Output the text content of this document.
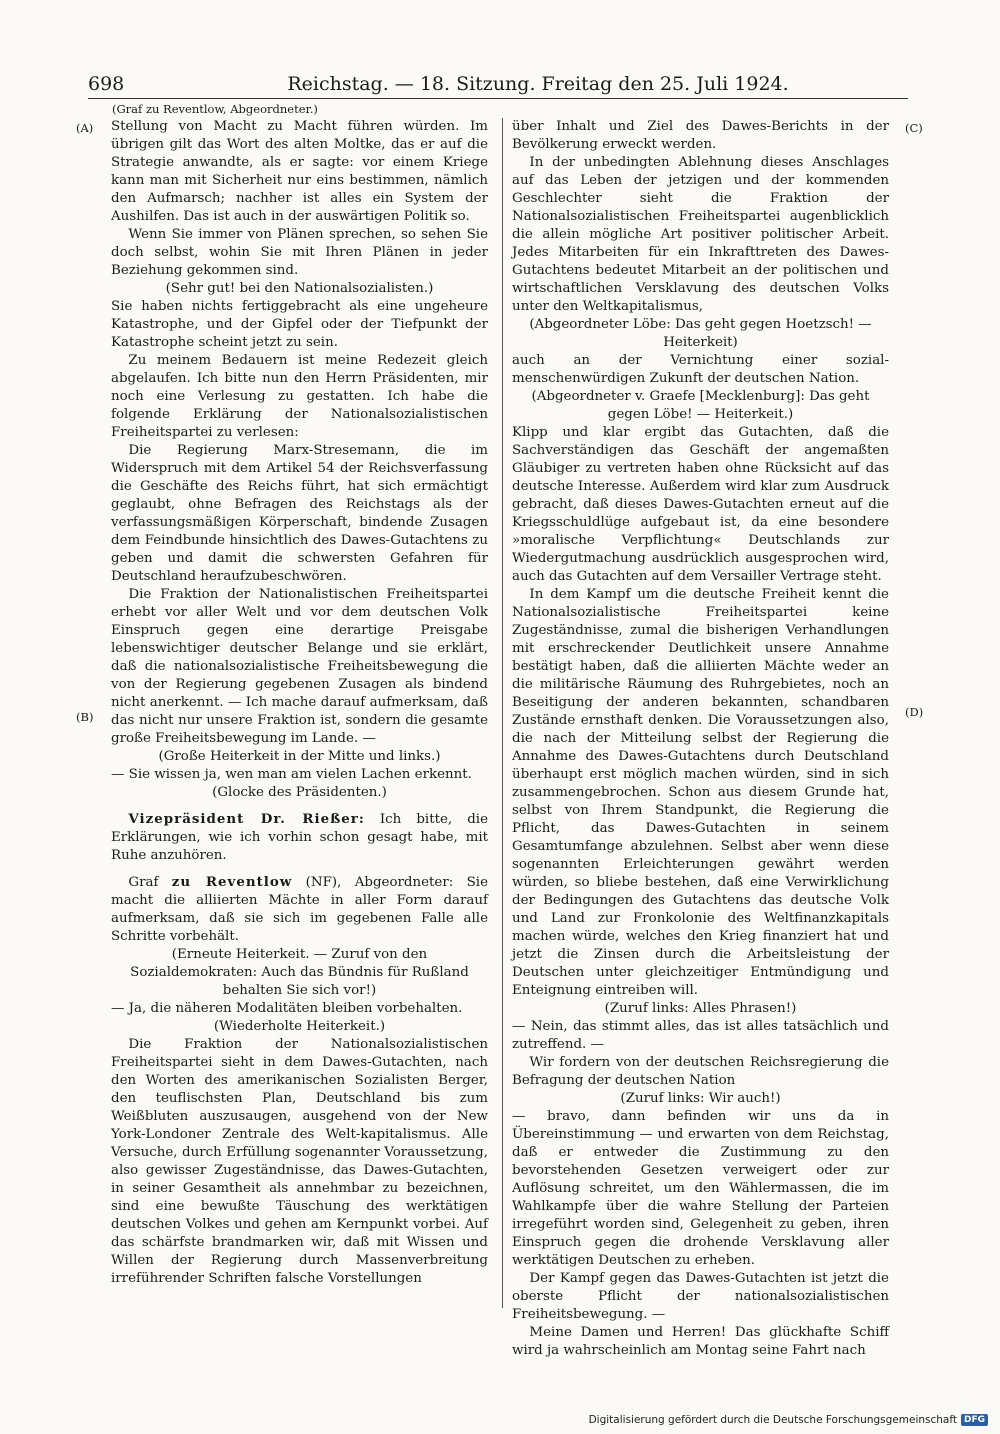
698	Reichstag. — 18. Sitzung. Freitag den 25. Juli 1924.
(Graf zu Reventlow, Abgeordneter.)
(A)
(B)
(C)
(D)

Stellung von Macht zu Macht führen würden. Im übrigen gilt das Wort des alten Moltke, das er auf die Strategie anwandte, als er sagte: vor einem Kriege kann man mit Sicherheit nur eins bestimmen, nämlich den Aufmarsch; nachher ist alles ein System der Aushilfen. Das ist auch in der auswärtigen Politik so.

Wenn Sie immer von Plänen sprechen, so sehen Sie doch selbst, wohin Sie mit Ihren Plänen in jeder Beziehung gekommen sind.

(Sehr gut! bei den Nationalsozialisten.)

Sie haben nichts fertiggebracht als eine ungeheure Katastrophe, und der Gipfel oder der Tiefpunkt der Katastrophe scheint jetzt zu sein.

Zu meinem Bedauern ist meine Redezeit gleich abgelaufen. Ich bitte nun den Herrn Präsidenten, mir noch eine Verlesung zu gestatten. Ich habe die folgende Erklärung der Nationalsozialistischen Freiheitspartei zu verlesen:

Die Regierung Marx-Stresemann, die im Widerspruch mit dem Artikel 54 der Reichsverfassung die Geschäfte des Reichs führt, hat sich ermächtigt geglaubt, ohne Befragen des Reichstags als der verfassungsmäßigen Körperschaft, bindende Zusagen dem Feindbunde hinsichtlich des Dawes-Gutachtens zu geben und damit die schwersten Gefahren für Deutschland heraufzubeschwören.

Die Fraktion der Nationalistischen Freiheitspartei erhebt vor aller Welt und vor dem deutschen Volk Einspruch gegen eine derartige Preisgabe lebenswichtiger deutscher Belange und sie erklärt, daß die nationalsozialistische Freiheitsbewegung die von der Regierung gegebenen Zusagen als bindend nicht anerkennt. — Ich mache darauf aufmerksam, daß das nicht nur unsere Fraktion ist, sondern die gesamte große Freiheitsbewegung im Lande. —

(Große Heiterkeit in der Mitte und links.)

— Sie wissen ja, wen man am vielen Lachen erkennt.

(Glocke des Präsidenten.)

Vizepräsident Dr. Rießer: Ich bitte, die Erklärungen, wie ich vorhin schon gesagt habe, mit Ruhe anzuhören.

Graf zu Reventlow (NF), Abgeordneter: Sie macht die alliierten Mächte in aller Form darauf aufmerksam, daß sie sich im gegebenen Falle alle Schritte vorbehält.

(Erneute Heiterkeit. — Zuruf von den Sozialdemokraten: Auch das Bündnis für Rußland behalten Sie sich vor!)

— Ja, die näheren Modalitäten bleiben vorbehalten.

(Wiederholte Heiterkeit.)

Die Fraktion der Nationalsozialistischen Freiheitspartei sieht in dem Dawes-Gutachten, nach den Worten des amerikanischen Sozialisten Berger, den teuflischsten Plan, Deutschland bis zum Weißbluten auszusaugen, ausgehend von der New York-Londoner Zentrale des Welt-kapitalismus. Alle Versuche, durch Erfüllung sogenannter Voraussetzung, also gewisser Zugeständnisse, das Dawes-Gutachten, in seiner Gesamtheit als annehmbar zu bezeichnen, sind eine bewußte Täuschung des werktätigen deutschen Volkes und gehen am Kernpunkt vorbei. Auf das schärfste brandmarken wir, daß mit Wissen und Willen der Regierung durch Massenverbreitung irreführender Schriften falsche Vorstellungen

über Inhalt und Ziel des Dawes-Berichts in der Bevölkerung erweckt werden.

In der unbedingten Ablehnung dieses Anschlages auf das Leben der jetzigen und der kommenden Geschlechter sieht die Fraktion der Nationalsozialistischen Freiheitspartei augenblicklich die allein mögliche Art positiver politischer Arbeit. Jedes Mitarbeiten für ein Inkrafttreten des Dawes-Gutachtens bedeutet Mitarbeit an der politischen und wirtschaftlichen Versklavung des deutschen Volks unter den Weltkapitalismus,

(Abgeordneter Löbe: Das geht gegen Hoetzsch! — Heiterkeit)

auch an der Vernichtung einer sozial-menschenwürdigen Zukunft der deutschen Nation.

(Abgeordneter v. Graefe [Mecklenburg]: Das geht gegen Löbe! — Heiterkeit.)

Klipp und klar ergibt das Gutachten, daß die Sachverständigen das Geschäft der angemaßten Gläubiger zu vertreten haben ohne Rücksicht auf das deutsche Interesse. Außerdem wird klar zum Ausdruck gebracht, daß dieses Dawes-Gutachten erneut auf die Kriegsschuldlüge aufgebaut ist, da eine besondere »moralische Verpflichtung« Deutschlands zur Wiedergutmachung ausdrücklich ausgesprochen wird, auch das Gutachten auf dem Versailler Vertrage steht.

In dem Kampf um die deutsche Freiheit kennt die Nationalsozialistische Freiheitspartei keine Zugeständnisse, zumal die bisherigen Verhandlungen mit erschreckender Deutlichkeit unsere Annahme bestätigt haben, daß die alliierten Mächte weder an die militärische Räumung des Ruhrgebietes, noch an Beseitigung der anderen bekannten, schandbaren Zustände ernsthaft denken. Die Voraussetzungen also, die nach der Mitteilung selbst der Regierung die Annahme des Dawes-Gutachtens durch Deutschland überhaupt erst möglich machen würden, sind in sich zusammengebrochen. Schon aus diesem Grunde hat, selbst von Ihrem Standpunkt, die Regierung die Pflicht, das Dawes-Gutachten in seinem Gesamtumfange abzulehnen. Selbst aber wenn diese sogenannten Erleichterungen gewährt werden würden, so bliebe bestehen, daß eine Verwirklichung der Bedingungen des Gutachtens das deutsche Volk und Land zur Fronkolonie des Weltfinanzkapitals machen würde, welches den Krieg finanziert hat und jetzt die Zinsen durch die Arbeitsleistung der Deutschen unter gleichzeitiger Entmündigung und Enteignung eintreiben will.

(Zuruf links: Alles Phrasen!)

— Nein, das stimmt alles, das ist alles tatsächlich und zutreffend. —

Wir fordern von der deutschen Reichsregierung die Befragung der deutschen Nation

(Zuruf links: Wir auch!)

— bravo, dann befinden wir uns da in Übereinstimmung — und erwarten von dem Reichstag, daß er entweder die Zustimmung zu den bevorstehenden Gesetzen verweigert oder zur Auflösung schreitet, um den Wählermassen, die im Wahlkampfe über die wahre Stellung der Parteien irregeführt worden sind, Gelegenheit zu geben, ihren Einspruch gegen die drohende Versklavung aller werktätigen Deutschen zu erheben.

Der Kampf gegen das Dawes-Gutachten ist jetzt die oberste Pflicht der nationalsozialistischen Freiheitsbewegung. —

Meine Damen und Herren! Das glückhafte Schiff wird ja wahrscheinlich am Montag seine Fahrt nach

Digitalisierung gefördert durch die Deutsche Forschungsgemeinschaft DFG
